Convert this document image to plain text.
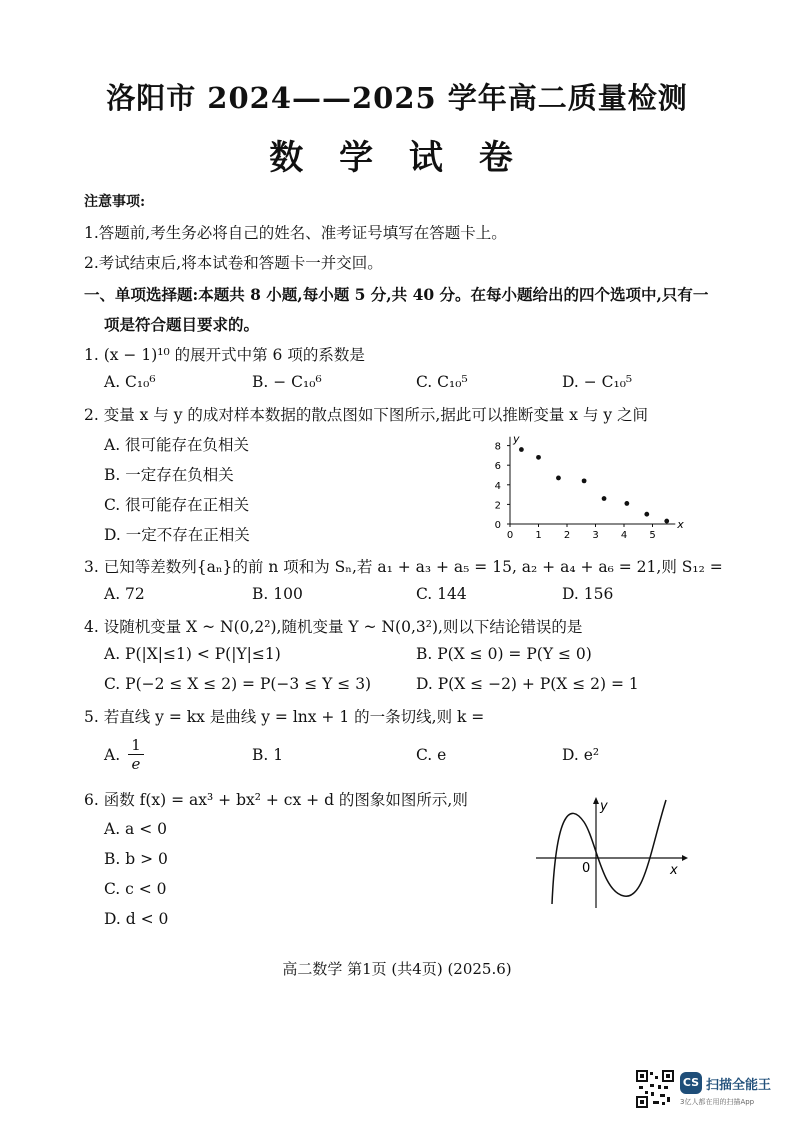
洛阳市 2024——2025 学年高二质量检测
数 学 试 卷
注意事项:
1.答题前,考生务必将自己的姓名、准考证号填写在答题卡上。
2.考试结束后,将本试卷和答题卡一并交回。
一、单项选择题:本题共 8 小题,每小题 5 分,共 40 分。在每小题给出的四个选项中,只有一
项是符合题目要求的。
1. (x − 1)¹⁰ 的展开式中第 6 项的系数是
A. C₁₀⁶	B. − C₁₀⁶	C. C₁₀⁵	D. − C₁₀⁵
2. 变量 x 与 y 的成对样本数据的散点图如下图所示,据此可以推断变量 x 与 y 之间
A. 很可能存在负相关
B. 一定存在负相关
C. 很可能存在正相关
D. 一定不存在正相关	0 1 2 3 4 5
0
2
4
6
8
y
x
3. 已知等差数列{aₙ}的前 n 项和为 Sₙ,若 a₁ + a₃ + a₅ = 15, a₂ + a₄ + a₆ = 21,则 S₁₂ =
A. 72	B. 100	C. 144	D. 156
4. 设随机变量 X ~ N(0,2²),随机变量 Y ~ N(0,3²),则以下结论错误的是
A. P(|X|≤1) < P(|Y|≤1)	B. P(X ≤ 0) = P(Y ≤ 0)
C. P(−2 ≤ X ≤ 2) = P(−3 ≤ Y ≤ 3)	D. P(X ≤ −2) + P(X ≤ 2) = 1
5. 若直线 y = kx 是曲线 y = lnx + 1 的一条切线,则 k =
A. $\frac{1}{e}$	B. 1	C. e	D. e²
6. 函数 f(x) = ax³ + bx² + cx + d 的图象如图所示,则
A. a < 0
B. b > 0
C. c < 0
D. d < 0
y
x
0
高二数学 第1页 (共4页) (2025.6)
CS 扫描全能王
3亿人都在用的扫描App
